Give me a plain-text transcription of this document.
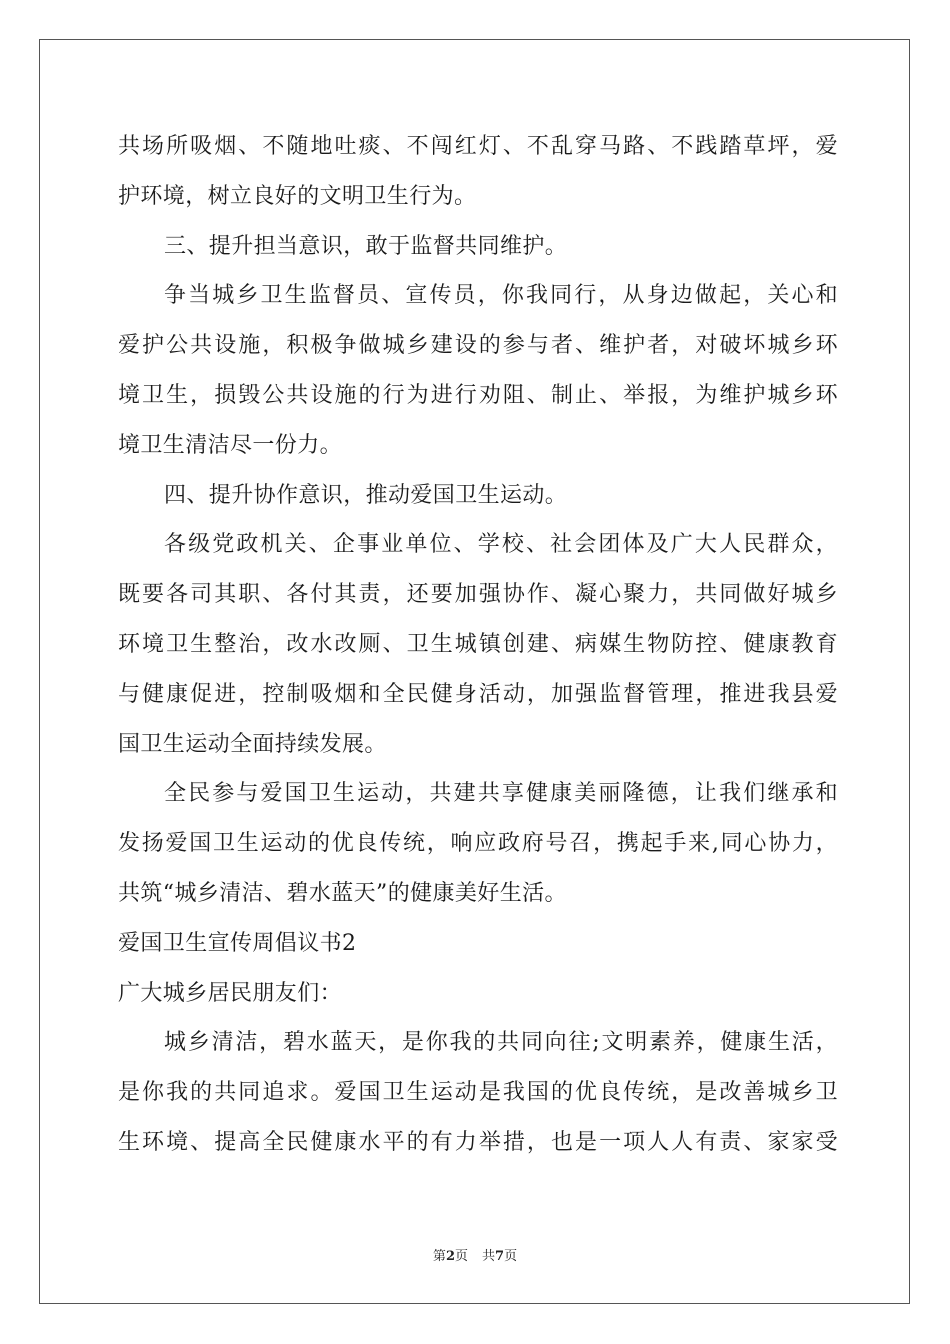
共场所吸烟、不随地吐痰、不闯红灯、不乱穿马路、不践踏草坪，爱
护环境，树立良好的文明卫生行为。
三、提升担当意识，敢于监督共同维护。
争当城乡卫生监督员、宣传员，你我同行，从身边做起，关心和
爱护公共设施，积极争做城乡建设的参与者、维护者，对破坏城乡环
境卫生，损毁公共设施的行为进行劝阻、制止、举报，为维护城乡环
境卫生清洁尽一份力。
四、提升协作意识，推动爱国卫生运动。
各级党政机关、企事业单位、学校、社会团体及广大人民群众，
既要各司其职、各付其责，还要加强协作、凝心聚力，共同做好城乡
环境卫生整治，改水改厕、卫生城镇创建、病媒生物防控、健康教育
与健康促进，控制吸烟和全民健身活动，加强监督管理，推进我县爱
国卫生运动全面持续发展。
全民参与爱国卫生运动，共建共享健康美丽隆德，让我们继承和
发扬爱国卫生运动的优良传统，响应政府号召，携起手来,同心协力，
共筑“城乡清洁、碧水蓝天”的健康美好生活。
爱国卫生宣传周倡议书2
广大城乡居民朋友们：
城乡清洁，碧水蓝天，是你我的共同向往;文明素养，健康生活，
是你我的共同追求。爱国卫生运动是我国的优良传统，是改善城乡卫
生环境、提高全民健康水平的有力举措，也是一项人人有责、家家受
第2页 共7页
